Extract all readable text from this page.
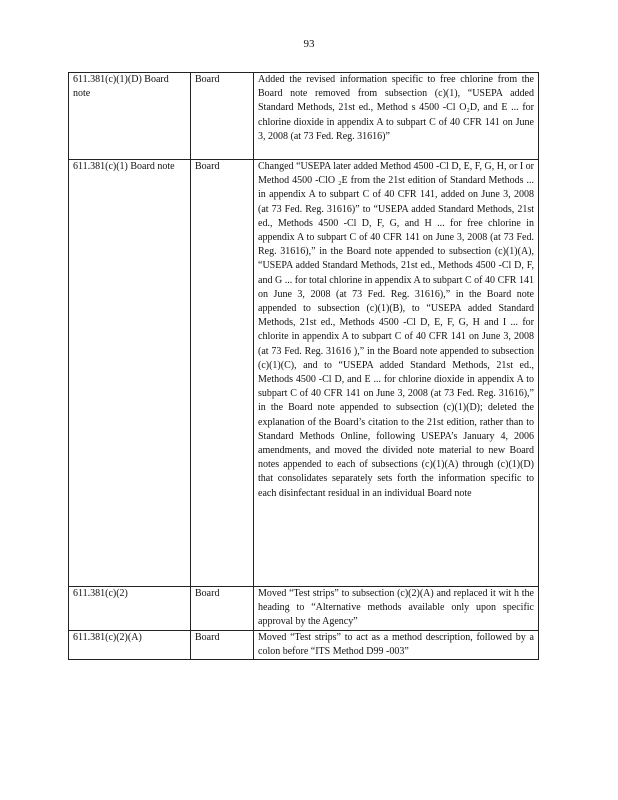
93
611.381(c)(1)(D) Board note	Board	Added the revised information specific to free chlorine from the Board note removed from subsection (c)(1), “USEPA added Standard Methods, 21st ed., Method s 4500 -Cl O₂D, and E ... for chlorine dioxide in appendix A to subpart C of 40 CFR 141 on June 3, 2008 (at 73 Fed. Reg. 31616)”
611.381(c)(1) Board note	Board	Changed “USEPA later added Method 4500 -Cl D, E, F, G, H, or I or Method 4500 -ClO ₂E from the 21st edition of Standard Methods ... in appendix A to subpart C of 40 CFR 141, added on June 3, 2008 (at 73 Fed. Reg. 31616)” to “USEPA added Standard Methods, 21st ed., Methods 4500 -Cl D, F, G, and H ... for free chlorine in appendix A to subpart C of 40 CFR 141 on June 3, 2008 (at 73 Fed. Reg. 31616),” in the Board note appended to subsection (c)(1)(A), “USEPA added Standard Methods, 21st ed., Methods 4500 -Cl D, F, and G ... for total chlorine in appendix A to subpart C of 40 CFR 141 on June 3, 2008 (at 73 Fed. Reg. 31616),” in the Board note appended to subsection (c)(1)(B), to “USEPA added Standard Methods, 21st ed., Methods 4500 -Cl D, E, F, G, H and I ... for chlorite in appendix A to subpart C of 40 CFR 141 on June 3, 2008 (at 73 Fed. Reg. 31616 ),” in the Board note appended to subsection (c)(1)(C), and to “USEPA added Standard Methods, 21st ed., Methods 4500 -Cl D, and E ... for chlorine dioxide in appendix A to subpart C of 40 CFR 141 on June 3, 2008 (at 73 Fed. Reg. 31616),” in the Board note appended to subsection (c)(1)(D); deleted the explanation of the Board’s citation to the 21st edition, rather than to Standard Methods Online, following USEPA’s January 4, 2006 amendments, and moved the divided note material to new Board notes appended to each of subsections (c)(1)(A) through (c)(1)(D) that consolidates separately sets forth the information specific to each disinfectant residual in an individual Board note
611.381(c)(2)	Board	Moved “Test strips” to subsection (c)(2)(A) and replaced it wit h the heading to “Alternative methods available only upon specific approval by the Agency”
611.381(c)(2)(A)	Board	Moved “Test strips” to act as a method description, followed by a colon before “ITS Method D99 -003”
